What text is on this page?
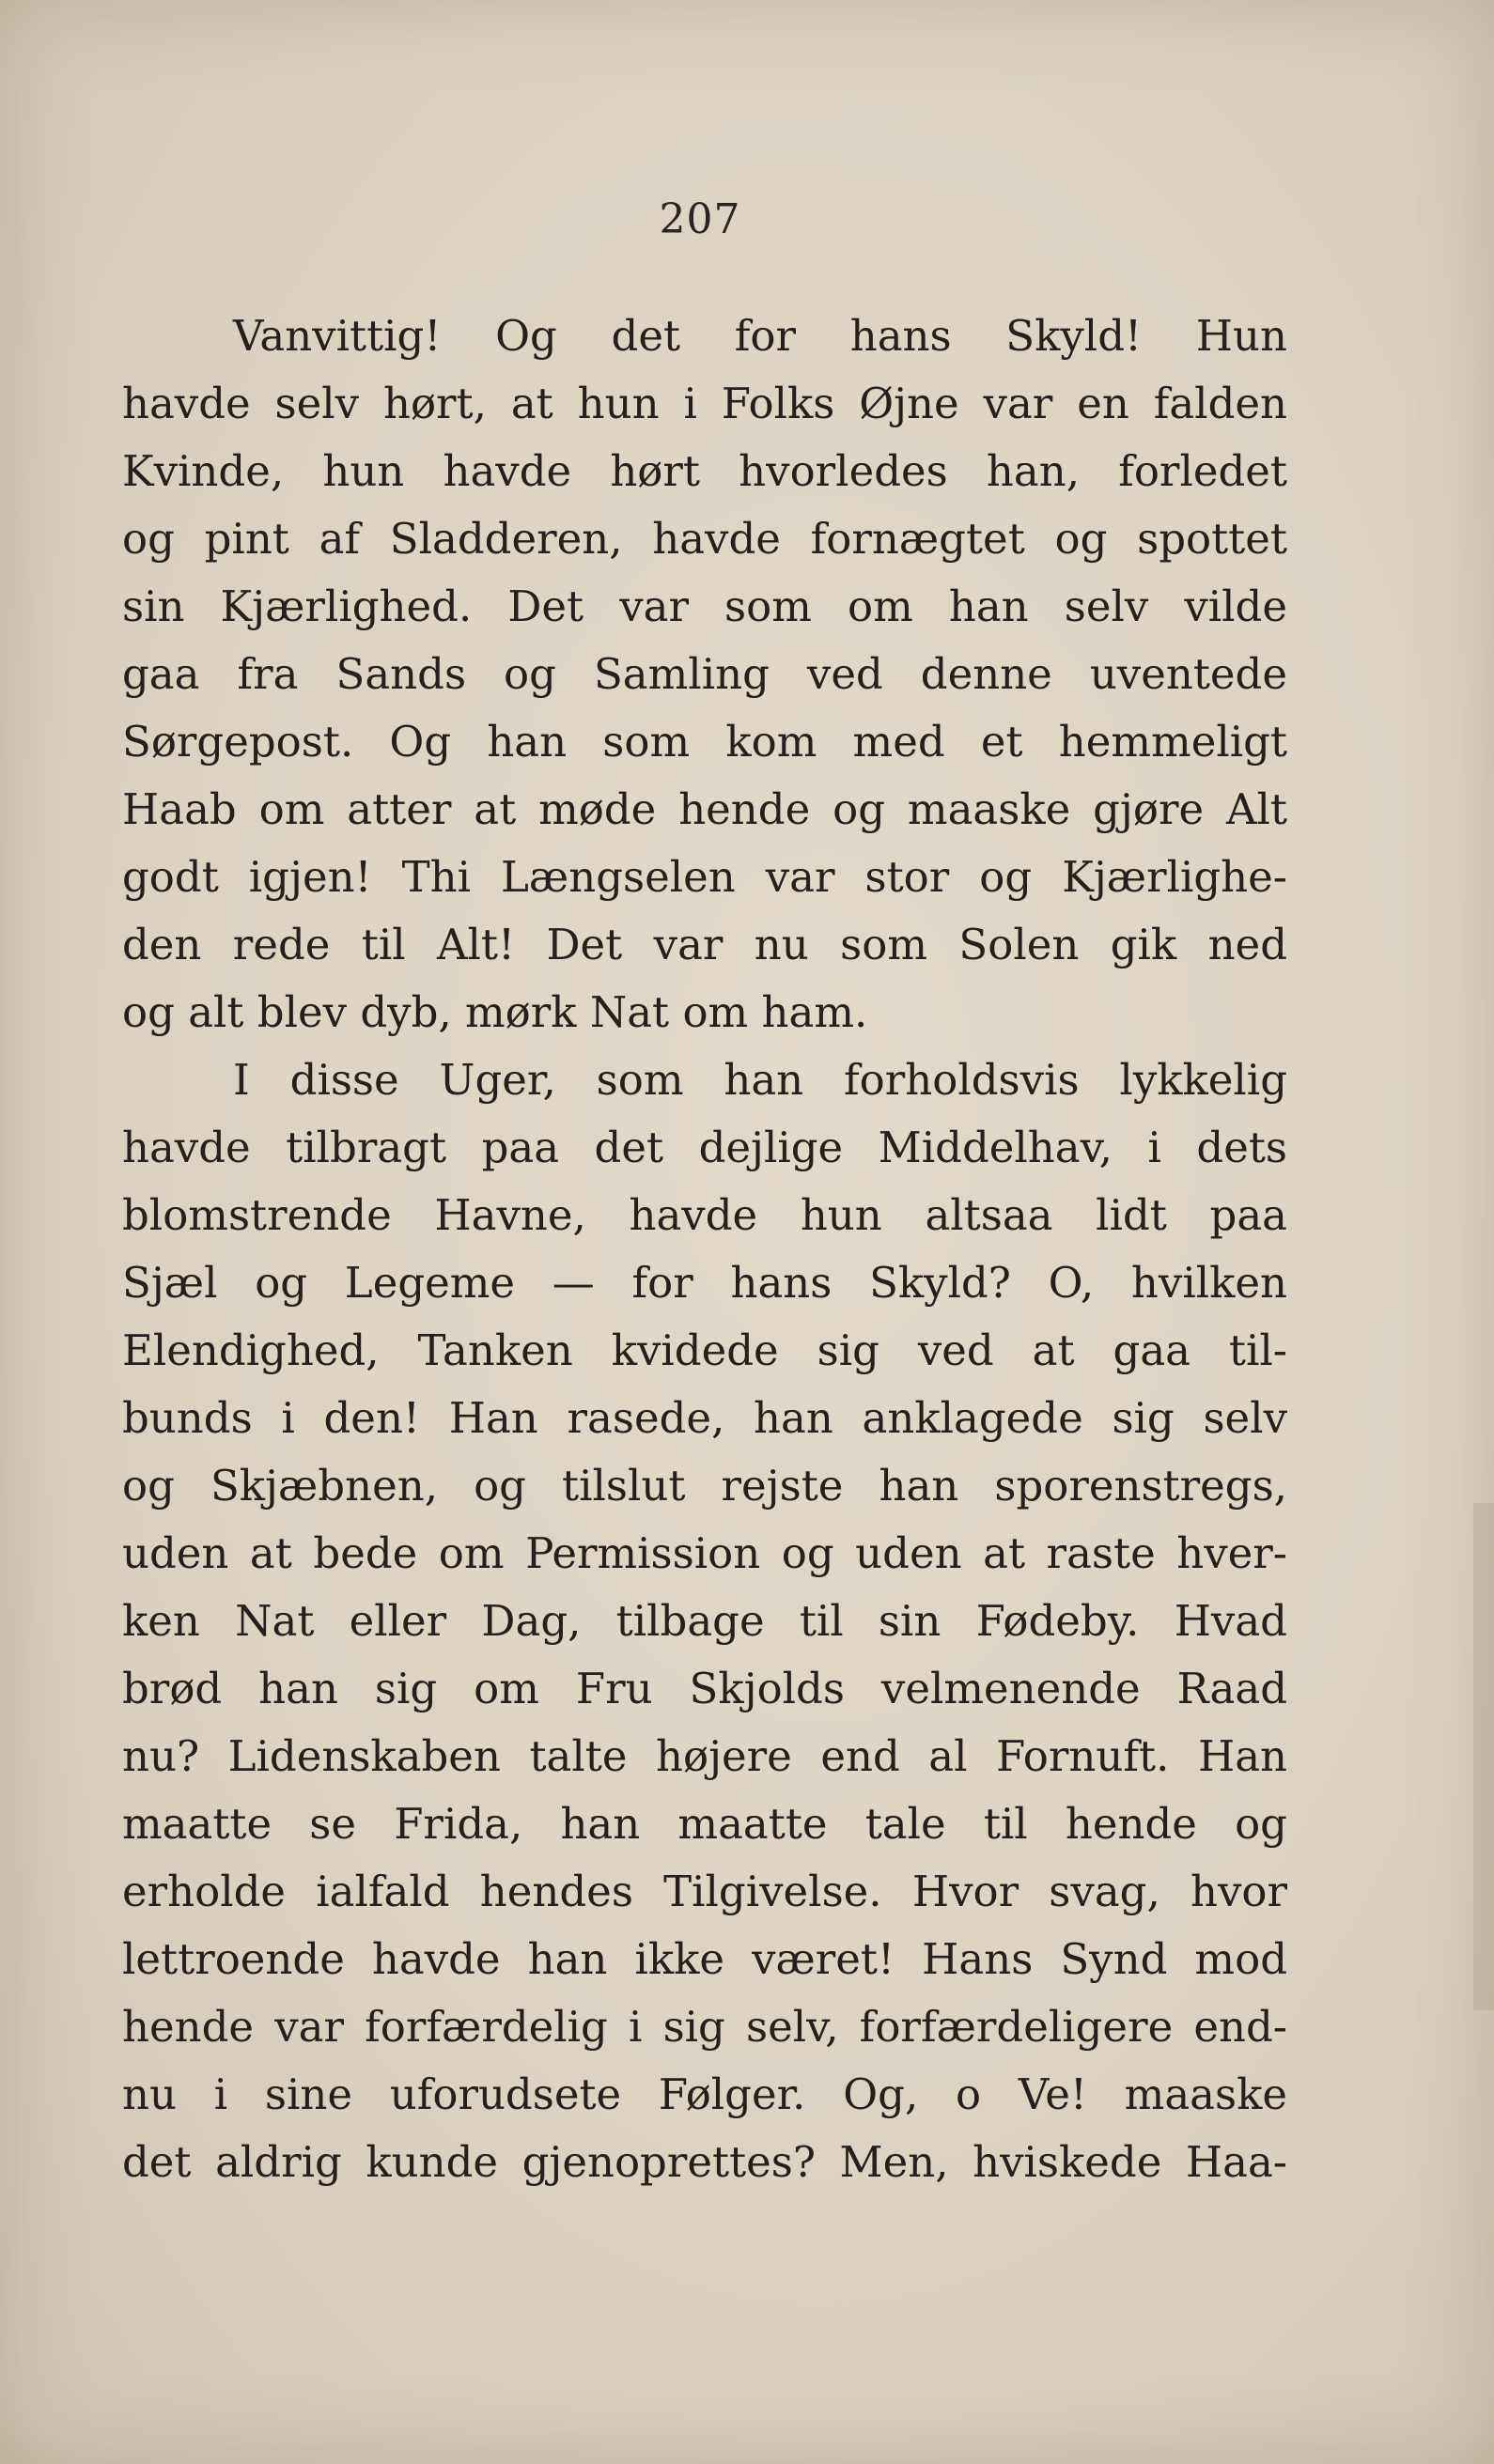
207
Vanvittig! Og det for hans Skyld! Hun
havde selv hørt, at hun i Folks Øjne var en falden
Kvinde, hun havde hørt hvorledes han, forledet
og pint af Sladderen, havde fornægtet og spottet
sin Kjærlighed. Det var som om han selv vilde
gaa fra Sands og Samling ved denne uventede
Sørgepost. Og han som kom med et hemmeligt
Haab om atter at møde hende og maaske gjøre Alt
godt igjen! Thi Længselen var stor og Kjærlighe-
den rede til Alt! Det var nu som Solen gik ned
og alt blev dyb, mørk Nat om ham.
I disse Uger, som han forholdsvis lykkelig
havde tilbragt paa det dejlige Middelhav, i dets
blomstrende Havne, havde hun altsaa lidt paa
Sjæl og Legeme — for hans Skyld? O, hvilken
Elendighed, Tanken kvidede sig ved at gaa til-
bunds i den! Han rasede, han anklagede sig selv
og Skjæbnen, og tilslut rejste han sporenstregs,
uden at bede om Permission og uden at raste hver-
ken Nat eller Dag, tilbage til sin Fødeby. Hvad
brød han sig om Fru Skjolds velmenende Raad
nu? Lidenskaben talte højere end al Fornuft. Han
maatte se Frida, han maatte tale til hende og
erholde ialfald hendes Tilgivelse. Hvor svag, hvor
lettroende havde han ikke været! Hans Synd mod
hende var forfærdelig i sig selv, forfærdeligere end-
nu i sine uforudsete Følger. Og, o Ve! maaske
det aldrig kunde gjenoprettes? Men, hviskede Haa-
